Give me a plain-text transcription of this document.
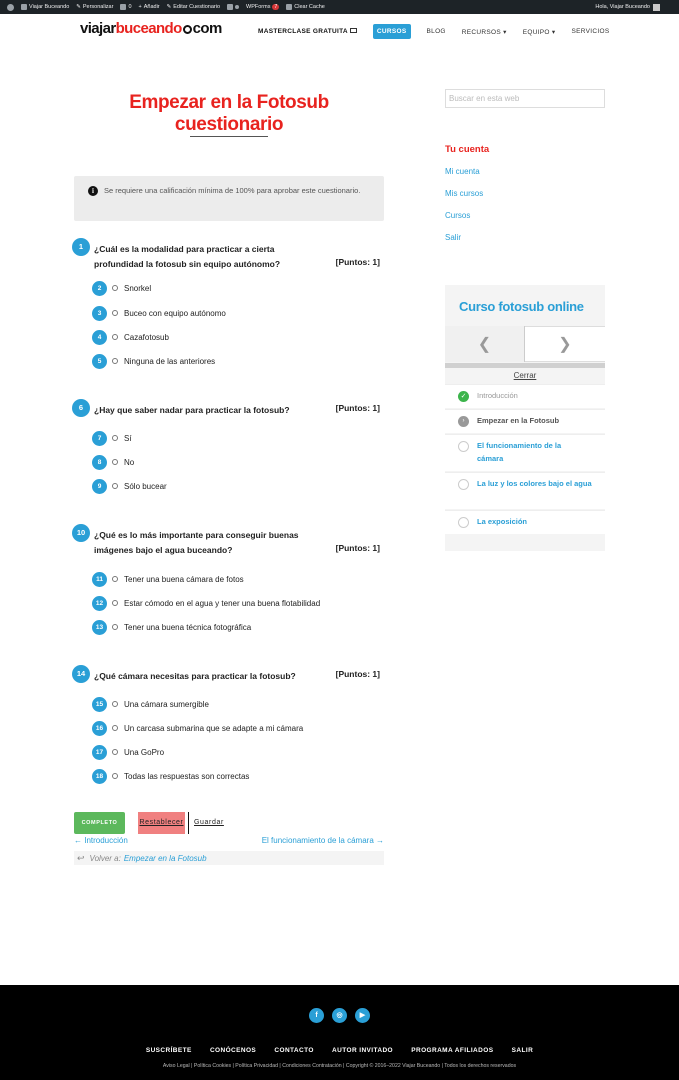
Viajar Buceando ✎ Personalizar	0 + Añadir ✎ Editar Cuestionario	WPForms 7	Clear Cache	Hola, Viajar Buceando
viajarbuceando com	MASTERCLASE GRATUITA	CURSOS	BLOG RECURSOS ▾ EQUIPO ▾ SERVICIOS
Empezar en la Fotosub cuestionario
i Se requiere una calificación mínima de 100% para aprobar este cuestionario.
1	¿Cuál es la modalidad para practicar a cierta profundidad la fotosub sin equipo autónomo?	[Puntos: 1]
2	Snorkel
3	Buceo con equipo autónomo
4	Cazafotosub
5	Ninguna de las anteriores
6	¿Hay que saber nadar para practicar la fotosub?	[Puntos: 1]
7	Sí
8	No
9	Sólo bucear
10	¿Qué es lo más importante para conseguir buenas imágenes bajo el agua buceando?	[Puntos: 1]
11	Tener una buena cámara de fotos
12	Estar cómodo en el agua y tener una buena flotabilidad
13	Tener una buena técnica fotográfica
14	¿Qué cámara necesitas para practicar la fotosub?	[Puntos: 1]
15	Una cámara sumergible
16	Un carcasa submarina que se adapte a mi cámara
17	Una GoPro
18	Todas las respuestas son correctas
COMPLETO	Restablecer Guardar
← Introducción	El funcionamiento de la cámara →
↩ Volver a: Empezar en la Fotosub
Buscar en esta web
Tu cuenta
Mi cuenta
Mis cursos
Cursos
Salir
Curso fotosub online
❮	❯
Cerrar
✓	Introducción
›	Empezar en la Fotosub
El funcionamiento de la cámara
La luz y los colores bajo el agua
La exposición
f	◎	▶
SUSCRÍBETE	CONÓCENOS	CONTACTO	AUTOR INVITADO	PROGRAMA AFILIADOS	SALIR
Aviso Legal | Política Cookies | Política Privacidad | Condiciones Contratación | Copyright © 2016–2022 Viajar Buceando | Todos los derechos reservados
